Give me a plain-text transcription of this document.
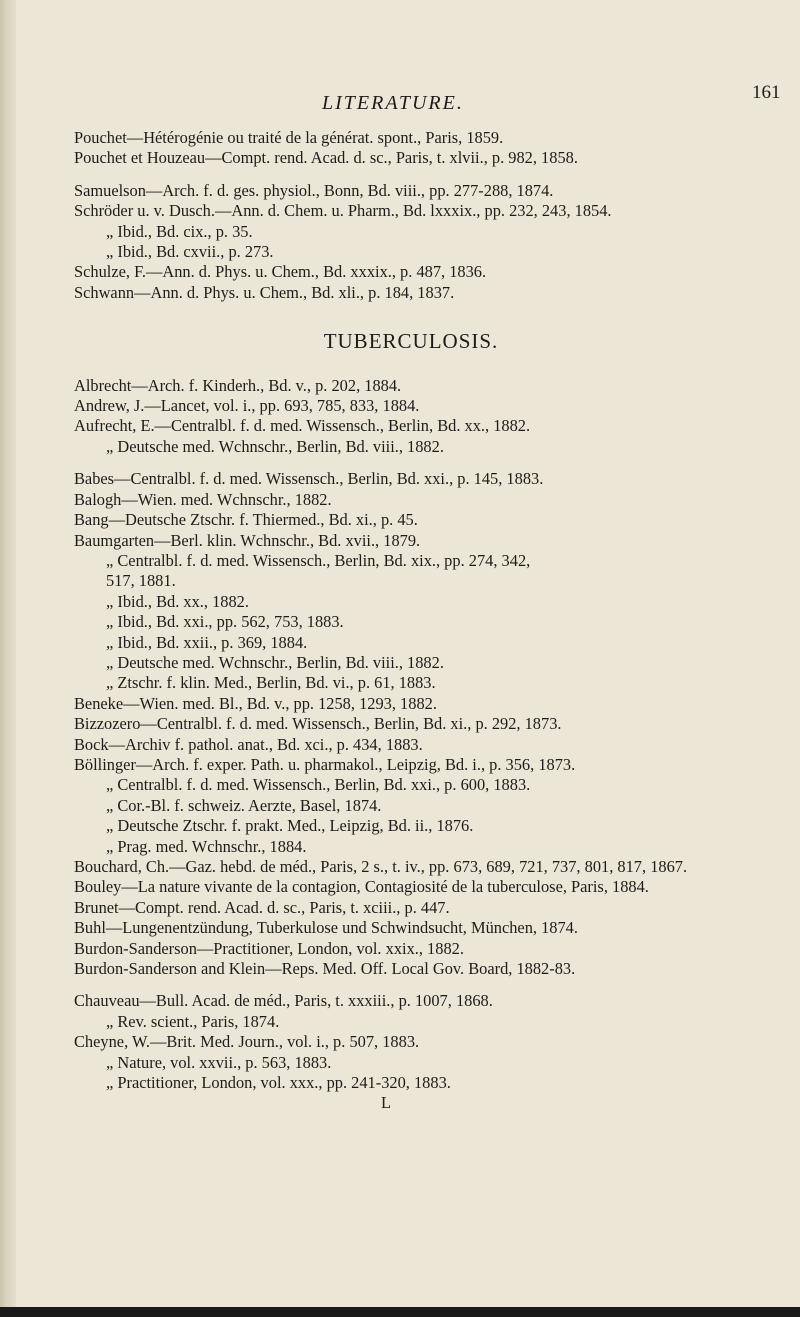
LITERATURE.	161
Pouchet—Hétérogénie ou traité de la générat. spont., Paris, 1859.
Pouchet et Houzeau—Compt. rend. Acad. d. sc., Paris, t. xlvii., p. 982, 1858.
Samuelson—Arch. f. d. ges. physiol., Bonn, Bd. viii., pp. 277-288, 1874.
Schröder u. v. Dusch.—Ann. d. Chem. u. Pharm., Bd. lxxxix., pp. 232, 243, 1854.
„ Ibid., Bd. cix., p. 35.
„ Ibid., Bd. cxvii., p. 273.
Schulze, F.—Ann. d. Phys. u. Chem., Bd. xxxix., p. 487, 1836.
Schwann—Ann. d. Phys. u. Chem., Bd. xli., p. 184, 1837.
TUBERCULOSIS.
Albrecht—Arch. f. Kinderh., Bd. v., p. 202, 1884.
Andrew, J.—Lancet, vol. i., pp. 693, 785, 833, 1884.
Aufrecht, E.—Centralbl. f. d. med. Wissensch., Berlin, Bd. xx., 1882.
„ Deutsche med. Wchnschr., Berlin, Bd. viii., 1882.
Babes—Centralbl. f. d. med. Wissensch., Berlin, Bd. xxi., p. 145, 1883.
Balogh—Wien. med. Wchnschr., 1882.
Bang—Deutsche Ztschr. f. Thiermed., Bd. xi., p. 45.
Baumgarten—Berl. klin. Wchnschr., Bd. xvii., 1879.
„ Centralbl. f. d. med. Wissensch., Berlin, Bd. xix., pp. 274, 342,
517, 1881.
„ Ibid., Bd. xx., 1882.
„ Ibid., Bd. xxi., pp. 562, 753, 1883.
„ Ibid., Bd. xxii., p. 369, 1884.
„ Deutsche med. Wchnschr., Berlin, Bd. viii., 1882.
„ Ztschr. f. klin. Med., Berlin, Bd. vi., p. 61, 1883.
Beneke—Wien. med. Bl., Bd. v., pp. 1258, 1293, 1882.
Bizzozero—Centralbl. f. d. med. Wissensch., Berlin, Bd. xi., p. 292, 1873.
Bock—Archiv f. pathol. anat., Bd. xci., p. 434, 1883.
Böllinger—Arch. f. exper. Path. u. pharmakol., Leipzig, Bd. i., p. 356, 1873.
„ Centralbl. f. d. med. Wissensch., Berlin, Bd. xxi., p. 600, 1883.
„ Cor.-Bl. f. schweiz. Aerzte, Basel, 1874.
„ Deutsche Ztschr. f. prakt. Med., Leipzig, Bd. ii., 1876.
„ Prag. med. Wchnschr., 1884.
Bouchard, Ch.—Gaz. hebd. de méd., Paris, 2 s., t. iv., pp. 673, 689, 721, 737, 801, 817, 1867.
Bouley—La nature vivante de la contagion, Contagiosité de la tuberculose, Paris, 1884.
Brunet—Compt. rend. Acad. d. sc., Paris, t. xciii., p. 447.
Buhl—Lungenentzündung, Tuberkulose und Schwindsucht, München, 1874.
Burdon-Sanderson—Practitioner, London, vol. xxix., 1882.
Burdon-Sanderson and Klein—Reps. Med. Off. Local Gov. Board, 1882-83.
Chauveau—Bull. Acad. de méd., Paris, t. xxxiii., p. 1007, 1868.
„ Rev. scient., Paris, 1874.
Cheyne, W.—Brit. Med. Journ., vol. i., p. 507, 1883.
„ Nature, vol. xxvii., p. 563, 1883.
„ Practitioner, London, vol. xxx., pp. 241-320, 1883.
L
